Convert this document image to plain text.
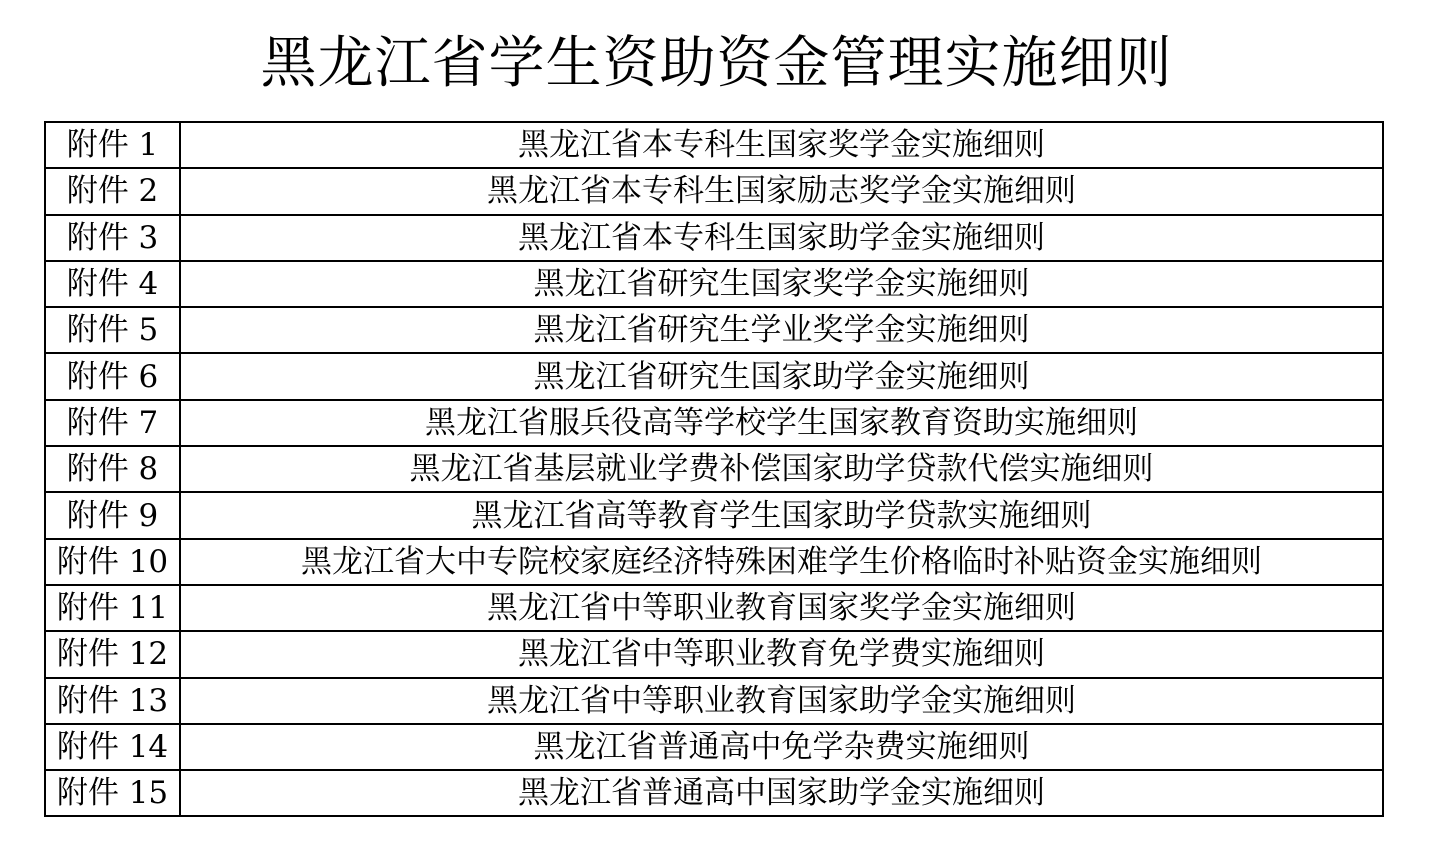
黑龙江省学生资助资金管理实施细则
附件 1	黑龙江省本专科生国家奖学金实施细则
附件 2	黑龙江省本专科生国家励志奖学金实施细则
附件 3	黑龙江省本专科生国家助学金实施细则
附件 4	黑龙江省研究生国家奖学金实施细则
附件 5	黑龙江省研究生学业奖学金实施细则
附件 6	黑龙江省研究生国家助学金实施细则
附件 7	黑龙江省服兵役高等学校学生国家教育资助实施细则
附件 8	黑龙江省基层就业学费补偿国家助学贷款代偿实施细则
附件 9	黑龙江省高等教育学生国家助学贷款实施细则
附件 10	黑龙江省大中专院校家庭经济特殊困难学生价格临时补贴资金实施细则
附件 11	黑龙江省中等职业教育国家奖学金实施细则
附件 12	黑龙江省中等职业教育免学费实施细则
附件 13	黑龙江省中等职业教育国家助学金实施细则
附件 14	黑龙江省普通高中免学杂费实施细则
附件 15	黑龙江省普通高中国家助学金实施细则
